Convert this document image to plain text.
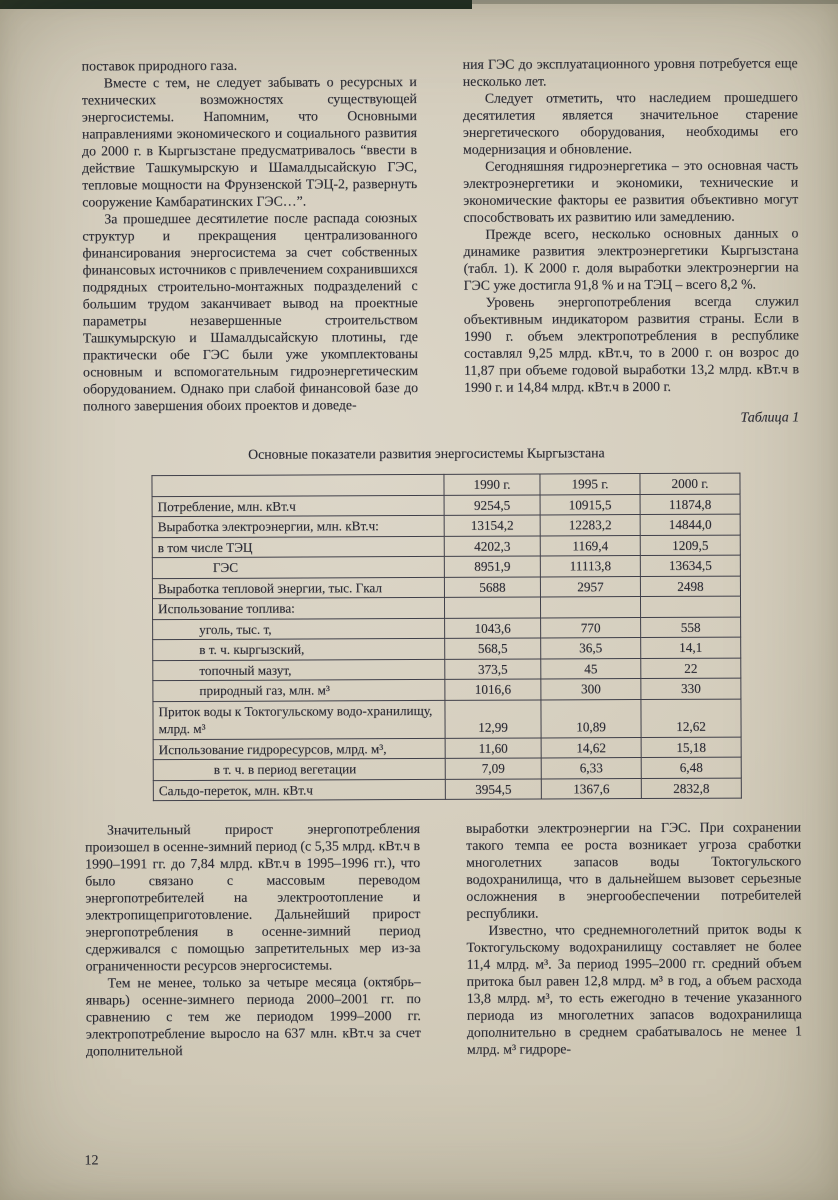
поставок природного газа.

Вместе с тем, не следует забывать о ресурсных и технических возможностях существующей энергосистемы. Напомним, что Основными направлениями экономического и социального развития до 2000 г. в Кыргызстане предусматривалось “ввести в действие Ташкумырскую и Шамалдысайскую ГЭС, тепловые мощности на Фрунзенской ТЭЦ-2, развернуть сооружение Камбаратинских ГЭС…”.

За прошедшее десятилетие после распада союзных структур и прекращения централизованного финансирования энергосистема за счет собственных финансовых источников с привлечением сохранившихся подрядных строительно-монтажных подразделений с большим трудом заканчивает вывод на проектные параметры незавершенные строительством Ташкумырскую и Шамалдысайскую плотины, где практически обе ГЭС были уже укомплектованы основным и вспомогательным гидроэнергетическим оборудованием. Однако при слабой финансовой базе до полного завершения обоих проектов и доведе-

ния ГЭС до эксплуатационного уровня потребуется еще несколько лет.

Следует отметить, что наследием прошедшего десятилетия является значительное старение энергетического оборудования, необходимы его модернизация и обновление.

Сегодняшняя гидроэнергетика – это основная часть электроэнергетики и экономики, технические и экономические факторы ее развития объективно могут способствовать их развитию или замедлению.

Прежде всего, несколько основных данных о динамике развития электроэнергетики Кыргызстана (табл. 1). К 2000 г. доля выработки электроэнергии на ГЭС уже достигла 91,8 % и на ТЭЦ – всего 8,2 %.

Уровень энергопотребления всегда служил объективным индикатором развития страны. Если в 1990 г. объем электропотребления в республике составлял 9,25 млрд. кВт.ч, то в 2000 г. он возрос до 11,87 при объеме годовой выработки 13,2 млрд. кВт.ч в 1990 г. и 14,84 млрд. кВт.ч в 2000 г.

Таблица 1
Основные показатели развития энергосистемы Кыргызстана
	1990 г.	1995 г.	2000 г.
Потребление, млн. кВт.ч	9254,5	10915,5	11874,8
Выработка электроэнергии, млн. кВт.ч:	13154,2	12283,2	14844,0
в том числе ТЭЦ	4202,3	1169,4	1209,5
ГЭС	8951,9	11113,8	13634,5
Выработка тепловой энергии, тыс. Гкал	5688	2957	2498
Использование топлива:			
уголь, тыс. т,	1043,6	770	558
в т. ч. кыргызский,	568,5	36,5	14,1
топочный мазут,	373,5	45	22
природный газ, млн. м³	1016,6	300	330
Приток воды к Токтогульскому водо-хранилищу, млрд. м³	12,99	10,89	12,62
Использование гидроресурсов, млрд. м³,	11,60	14,62	15,18
в т. ч. в период вегетации	7,09	6,33	6,48
Сальдо-переток, млн. кВт.ч	3954,5	1367,6	2832,8

Значительный прирост энергопотребления произошел в осенне-зимний период (с 5,35 млрд. кВт.ч в 1990–1991 гг. до 7,84 млрд. кВт.ч в 1995–1996 гг.), что было связано с массовым переводом энергопотребителей на электроотопление и электропищеприготовление. Дальнейший прирост энергопотребления в осенне-зимний период сдерживался с помощью запретительных мер из-за ограниченности ресурсов энергосистемы.

Тем не менее, только за четыре месяца (октябрь–январь) осенне-зимнего периода 2000–2001 гг. по сравнению с тем же периодом 1999–2000 гг. электропотребление выросло на 637 млн. кВт.ч за счет дополнительной

выработки электроэнергии на ГЭС. При сохранении такого темпа ее роста возникает угроза сработки многолетних запасов воды Токтогульского водохранилища, что в дальнейшем вызовет серьезные осложнения в энергообеспечении потребителей республики.

Известно, что среднемноголетний приток воды к Токтогульскому водохранилищу составляет не более 11,4 млрд. м³. За период 1995–2000 гг. средний объем притока был равен 12,8 млрд. м³ в год, а объем расхода 13,8 млрд. м³, то есть ежегодно в течение указанного периода из многолетних запасов водохранилища дополнительно в среднем срабатывалось не менее 1 млрд. м³ гидроре-

12
